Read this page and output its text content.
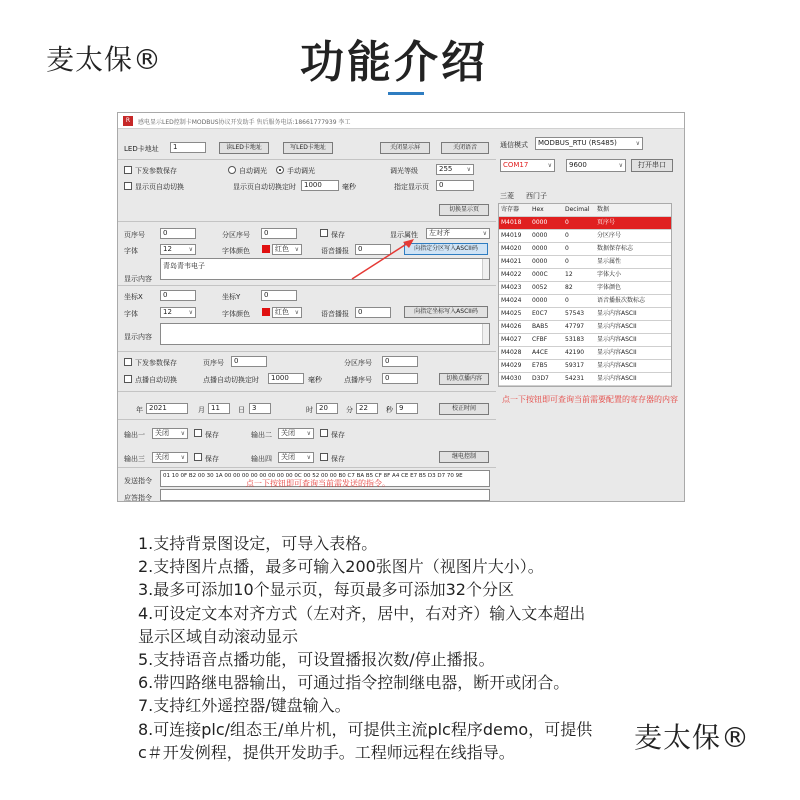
麦太保®	功能介绍
R	感电显示LED控制卡MODBUS协议开发助手 售后服务电话:18661777939 李工
LED卡地址	1	读LED卡地址	写LED卡地址	关闭显示屏	关闭语音
下发参数保存	自动调光	手动调光	调光等级	255 ∨
显示页自动切换	显示页自动切换定时	1000	毫秒	指定显示页	0
切换显示页
页序号	0	分区序号	0	保存	显示属性	左对齐 ∨
字体	12 ∨	字体颜色	红色 ∨	语音播报	0	向指定分区写入ASCII码
显示内容
青岛青韦电子
坐标X	0	坐标Y	0
字体	12 ∨	字体颜色	红色 ∨	语音播报	0	向指定坐标写入ASCII码
显示内容
下发参数保存	页序号	0	分区序号	0
点播自动切换	点播自动切换定时	1000	毫秒	点播序号	0	切换点播内容
年 2021	月 11	日	3	时 20	分 22	秒 9	校正时间
输出一	关闭 ∨	保存	输出二	关闭 ∨	保存
输出三	关闭 ∨	保存	输出四	关闭 ∨	保存	继电控制
发送指令
01 10 0F B2 00 30 1A 00 00 00 00 00 00 00 00 0C 00 52 00 00 B0 C7 BA B5 CF 8F A4 CE E7 B5 D3 D7 70 9E
应答指令
点一下按钮即可查询当前需发送的指令。
通信模式	MODBUS_RTU (RS485) ∨
COM17 ∨	9600 ∨	打开串口
三菱 西门子
寄存器	Hex	Decimal	数据
M4018	0000	0	页序号
M4019	0000	0	分区序号
M4020	0000	0	数据保存标志
M4021	0000	0	显示属性
M4022	000C	12	字体大小
M4023	0052	82	字体颜色
M4024	0000	0	语音播报次数标志
M4025	E0C7	57543	显示内容ASCII
M4026	BAB5	47797	显示内容ASCII
M4027	CFBF	53183	显示内容ASCII
M4028	A4CE	42190	显示内容ASCII
M4029	E7B5	59317	显示内容ASCII
M4030	D3D7	54231	显示内容ASCII
点一下按钮即可查询当前需要配置的寄存器的内容
1.支持背景图设定，可导入表格。
2.支持图片点播，最多可输入200张图片（视图片大小）。
3.最多可添加10个显示页，每页最多可添加32个分区
4.可设定文本对齐方式（左对齐，居中，右对齐）输入文本超出
显示区域自动滚动显示
5.支持语音点播功能，可设置播报次数/停止播报。
6.带四路继电器输出，可通过指令控制继电器，断开或闭合。
7.支持红外遥控器/键盘输入。
8.可连接plc/组态王/单片机，可提供主流plc程序demo，可提供
c＃开发例程，提供开发助手。工程师远程在线指导。	麦太保®
